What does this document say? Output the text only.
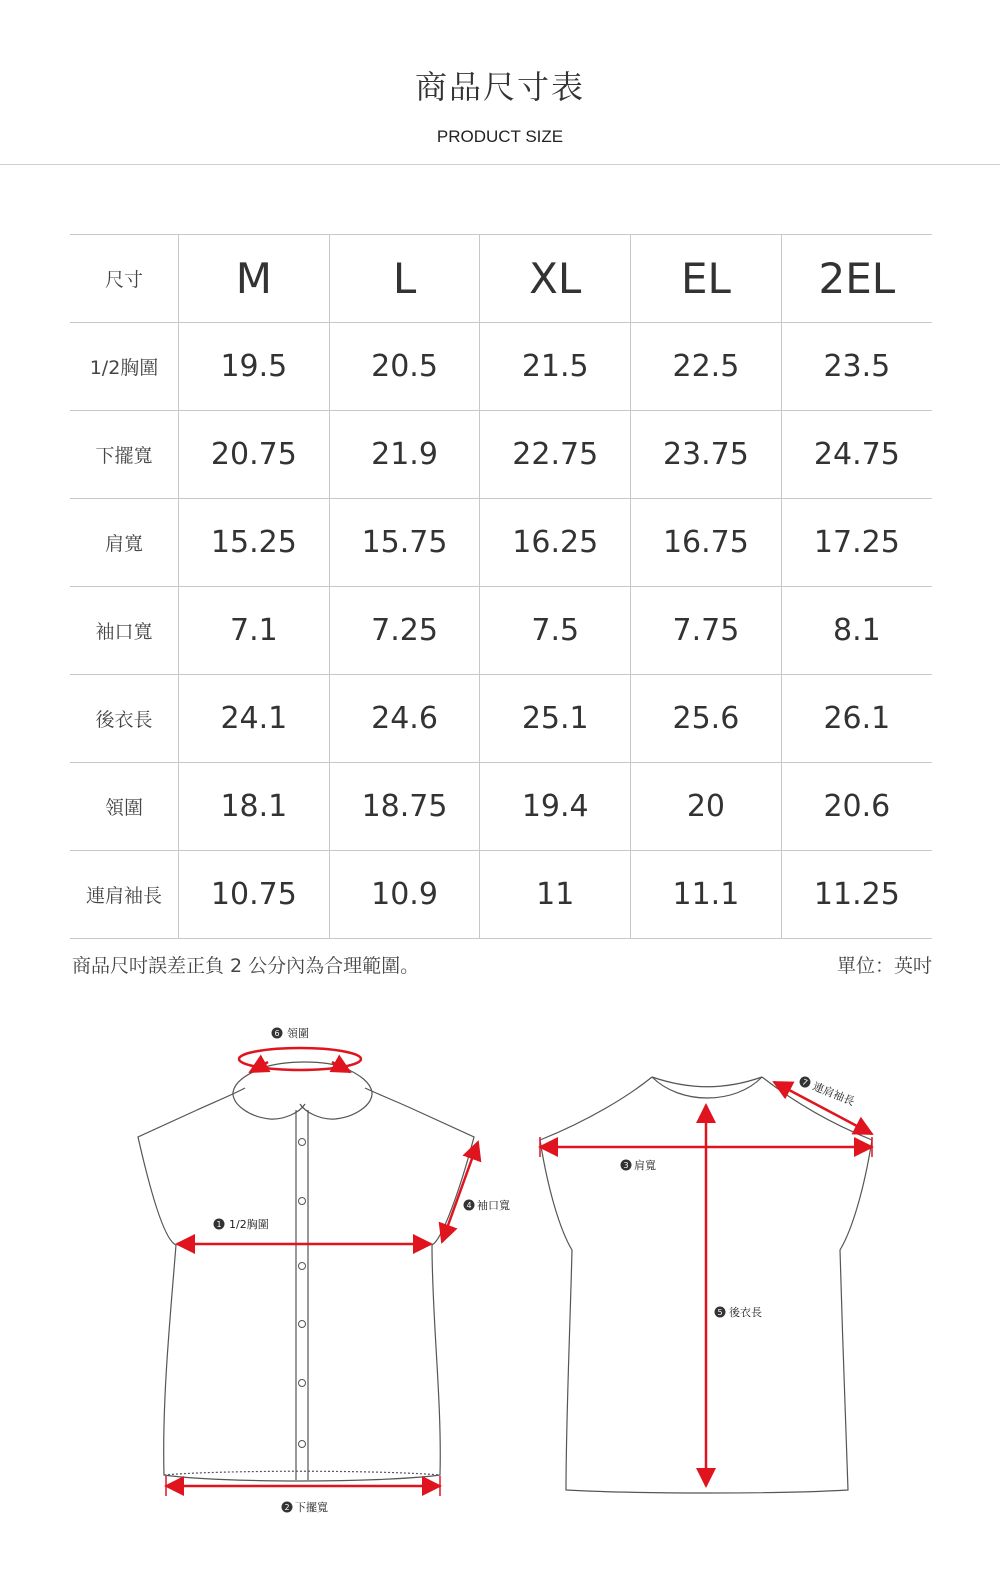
商品尺寸表
PRODUCT SIZE
尺寸	M	L	XL	EL	2EL
1/2胸圍	19.5	20.5	21.5	22.5	23.5
下擺寬	20.75	21.9	22.75	23.75	24.75
肩寬	15.25	15.75	16.25	16.75	17.25
袖口寬	7.1	7.25	7.5	7.75	8.1
後衣長	24.1	24.6	25.1	25.6	26.1
領圍	18.1	18.75	19.4	20	20.6
連肩袖長	10.75	10.9	11	11.1	11.25
商品尺吋誤差正負 2 公分內為合理範圍。	單位：英吋
6 領圍
1 1/2胸圍
2 下擺寬
4 袖口寬
3 肩寬
5 後衣長
7 連肩袖長
